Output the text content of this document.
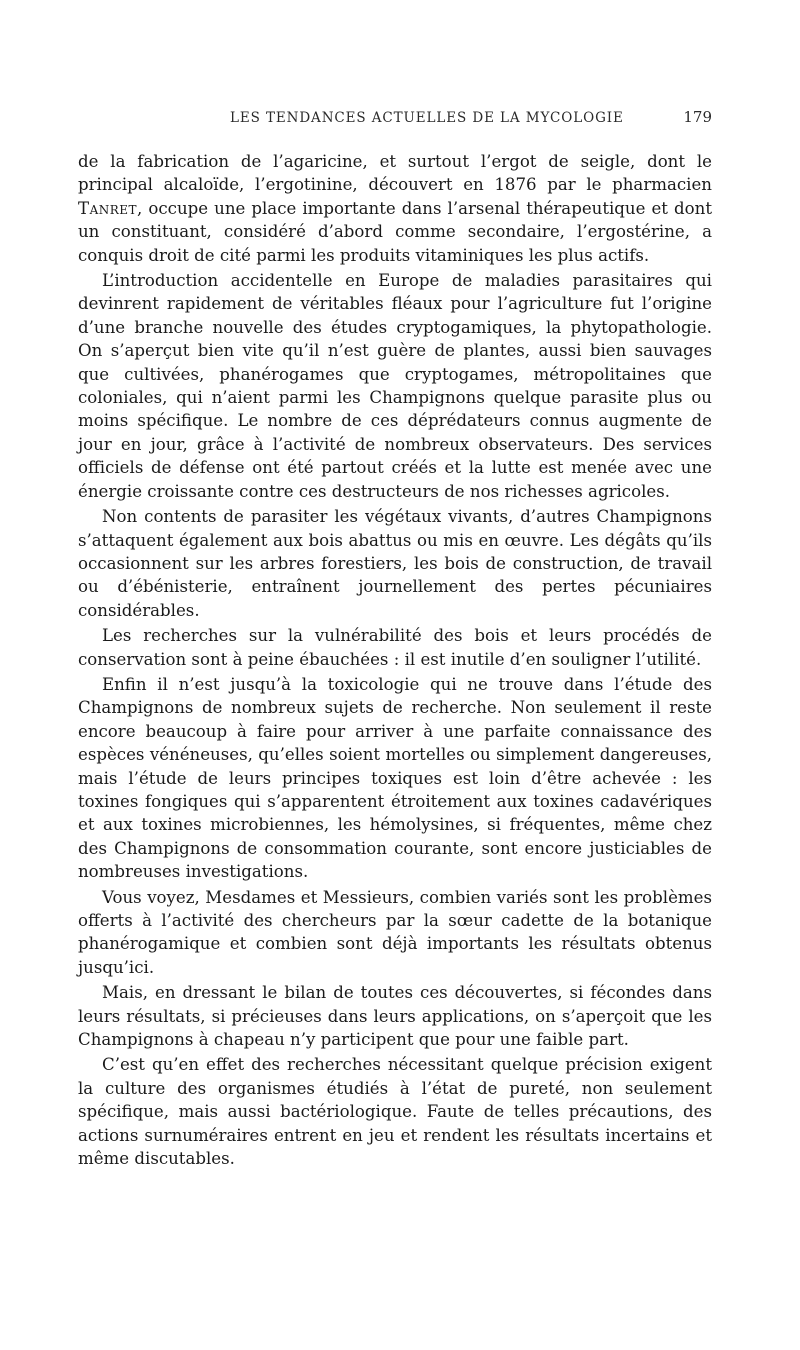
LES TENDANCES ACTUELLES DE LA MYCOLOGIE	179

de la fabrication de l’agaricine, et surtout l’ergot de seigle, dont le principal alcaloïde, l’ergotinine, découvert en 1876 par le pharmacien Tanret, occupe une place importante dans l’arsenal thérapeutique et dont un constituant, considéré d’abord comme secondaire, l’ergostérine, a conquis droit de cité parmi les produits vitaminiques les plus actifs.

L’introduction accidentelle en Europe de maladies parasitaires qui devinrent rapidement de véritables fléaux pour l’agriculture fut l’origine d’une branche nouvelle des études cryptogamiques, la phytopathologie. On s’aperçut bien vite qu’il n’est guère de plantes, aussi bien sauvages que cultivées, phanérogames que cryptogames, métropolitaines que coloniales, qui n’aient parmi les Champignons quelque parasite plus ou moins spécifique. Le nombre de ces déprédateurs connus augmente de jour en jour, grâce à l’activité de nombreux observateurs. Des services officiels de défense ont été partout créés et la lutte est menée avec une énergie croissante contre ces destructeurs de nos richesses agricoles.

Non contents de parasiter les végétaux vivants, d’autres Champignons s’attaquent également aux bois abattus ou mis en œuvre. Les dégâts qu’ils occasionnent sur les arbres forestiers, les bois de construction, de travail ou d’ébénisterie, entraînent journellement des pertes pécuniaires considérables.

Les recherches sur la vulnérabilité des bois et leurs procédés de conservation sont à peine ébauchées : il est inutile d’en souligner l’utilité.

Enfin il n’est jusqu’à la toxicologie qui ne trouve dans l’étude des Champignons de nombreux sujets de recherche. Non seulement il reste encore beaucoup à faire pour arriver à une parfaite connaissance des espèces vénéneuses, qu’elles soient mortelles ou simplement dangereuses, mais l’étude de leurs principes toxiques est loin d’être achevée : les toxines fongiques qui s’apparentent étroitement aux toxines cadavériques et aux toxines microbiennes, les hémolysines, si fréquentes, même chez des Champignons de consommation courante, sont encore justiciables de nombreuses investigations.

Vous voyez, Mesdames et Messieurs, combien variés sont les problèmes offerts à l’activité des chercheurs par la sœur cadette de la botanique phanérogamique et combien sont déjà importants les résultats obtenus jusqu’ici.

Mais, en dressant le bilan de toutes ces découvertes, si fécondes dans leurs résultats, si précieuses dans leurs applications, on s’aperçoit que les Champignons à chapeau n’y participent que pour une faible part.

C’est qu’en effet des recherches nécessitant quelque précision exigent la culture des organismes étudiés à l’état de pureté, non seulement spécifique, mais aussi bactériologique. Faute de telles précautions, des actions surnuméraires entrent en jeu et rendent les résultats incertains et même discutables.
